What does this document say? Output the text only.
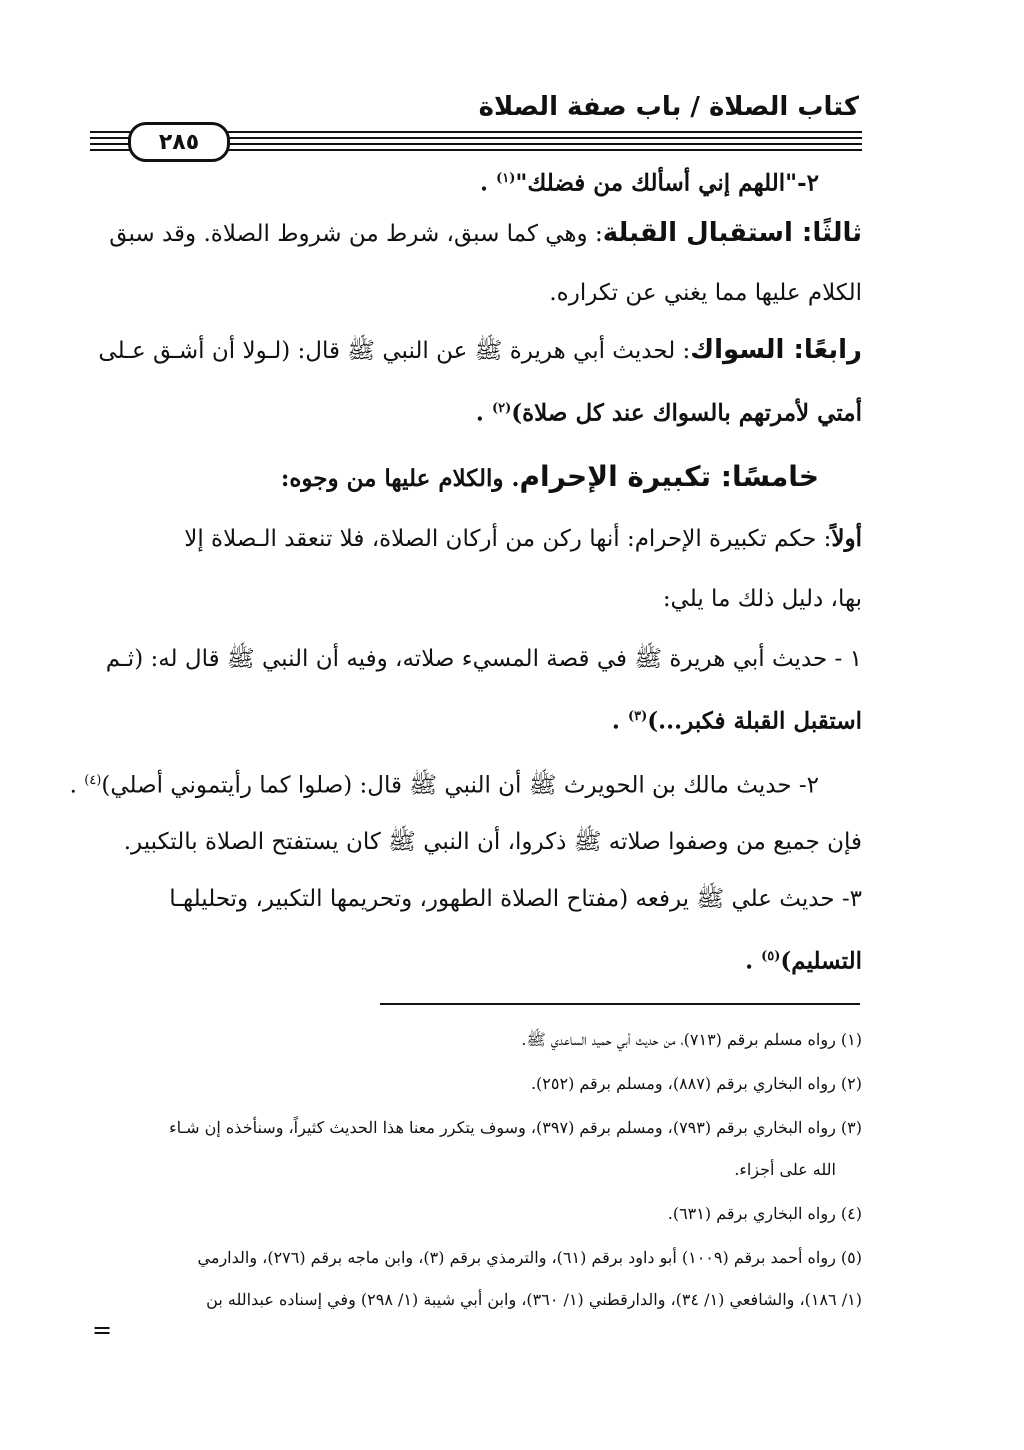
كتاب الصلاة / باب صفة الصلاة
٢٨٥
٢-"اللهم إني أسألك من فضلك"$^{(١)}$ .
ثالثًا: استقبال القبلة: وهي كما سبق، شرط من شروط الصلاة. وقد سبق
الكلام عليها مما يغني عن تكراره.
رابعًا: السواك: لحديث أبي هريرة ﷺ عن النبي ﷺ قال: (لـولا أن أشـق عـلى
أمتي لأمرتهم بالسواك عند كل صلاة)$^{(٢)}$ .
خامسًا: تكبيرة الإحرام. والكلام عليها من وجوه:
أولاً: حكم تكبيرة الإحرام: أنها ركن من أركان الصلاة، فلا تنعقد الـصلاة إلا
بها، دليل ذلك ما يلي:
١ - حديث أبي هريرة ﷺ في قصة المسيء صلاته، وفيه أن النبي ﷺ قال له: (ثـم
استقبل القبلة فكبر...)$^{(٣)}$ .
٢- حديث مالك بن الحويرث ﷺ أن النبي ﷺ قال: (صلوا كما رأيتموني أصلي)$^{(٤)}$ .
فإن جميع من وصفوا صلاته ﷺ ذكروا، أن النبي ﷺ كان يستفتح الصلاة بالتكبير.
٣- حديث علي ﷺ يرفعه (مفتاح الصلاة الطهور، وتحريمها التكبير، وتحليلهـا
التسليم)$^{(٥)}$ .
(١) رواه مسلم برقم (٧١٣)، من حديث أبي حميد الساعدي ﷺ.
(٢) رواه البخاري برقم (٨٨٧)، ومسلم برقم (٢٥٢).
(٣) رواه البخاري برقم (٧٩٣)، ومسلم برقم (٣٩٧)، وسوف يتكرر معنا هذا الحديث كثيراً، وسنأخذه إن شـاء
الله على أجزاء.
(٤) رواه البخاري برقم (٦٣١).
(٥) رواه أحمد برقم (١٠٠٩) أبو داود برقم (٦١)، والترمذي برقم (٣)، وابن ماجه برقم (٢٧٦)، والدارمي
(١/ ١٨٦)، والشافعي (١/ ٣٤)، والدارقطني (١/ ٣٦٠)، وابن أبي شيبة (١/ ٢٩٨) وفي إسناده عبدالله بن
=
